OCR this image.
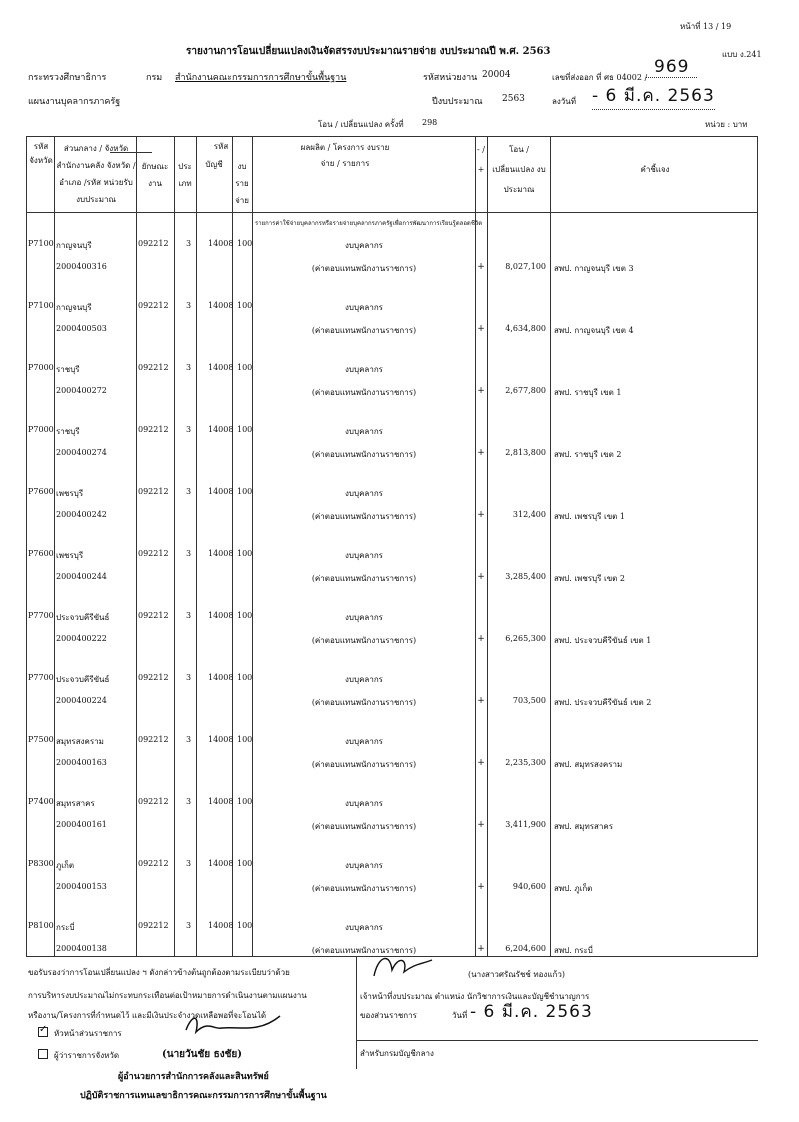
หน้าที่ 13 / 19
รายงานการโอนเปลี่ยนแปลงเงินจัดสรรงบประมาณรายจ่าย งบประมาณปี พ.ศ. 2563	แบบ ง.241
กระทรวงศึกษาธิการ	กรม สำนักงานคณะกรรมการการศึกษาขั้นพื้นฐาน	รหัสหน่วยงาน 20004	เลขที่ส่งออก ที่ ศธ 04002 /
969
แผนงานบุคลากรภาครัฐ	ปีงบประมาณ 2563	ลงวันที่ - 6 มี.ค. 2563
โอน / เปลี่ยนแปลง ครั้งที่ 298	หน่วย : บาท
รหัส จังหวัด
ส่วนกลาง / จังหวัด สำนักงานคลัง จังหวัด / อำเภอ /รหัส หน่วยรับงบประมาณ
รหัส
ยักษณะ งาน
ประ เภท
บัญชี	งบ ราย จ่าย
ผลผลิต / โครงการ งบรายจ่าย / รายการ
- / +
โอน / เปลี่ยนแปลง งบประมาณ
คำชี้แจง
รายการค่าใช้จ่ายบุคลากรหรือรายจ่ายบุคลากรภาครัฐเพื่อการพัฒนาการเรียนรู้ตลอดชีวิต
P7100 กาญจนบุรี
2000400316
092212 3 14008 100	งบบุคลากร
(ค่าตอบแทนพนักงานราชการ)	+	8,027,100 สพป. กาญจนบุรี เขต 3
P7100 กาญจนบุรี
2000400503
092212 3 14008 100	งบบุคลากร
(ค่าตอบแทนพนักงานราชการ)	+	4,634,800 สพป. กาญจนบุรี เขต 4
P7000 ราชบุรี
2000400272
092212 3 14008 100	งบบุคลากร
(ค่าตอบแทนพนักงานราชการ)	+	2,677,800 สพป. ราชบุรี เขต 1
P7000 ราชบุรี
2000400274
092212 3 14008 100	งบบุคลากร
(ค่าตอบแทนพนักงานราชการ)	+	2,813,800 สพป. ราชบุรี เขต 2
P7600 เพชรบุรี
2000400242
092212 3 14008 100	งบบุคลากร
(ค่าตอบแทนพนักงานราชการ)	+	312,400 สพป. เพชรบุรี เขต 1
P7600 เพชรบุรี
2000400244
092212 3 14008 100	งบบุคลากร
(ค่าตอบแทนพนักงานราชการ)	+	3,285,400 สพป. เพชรบุรี เขต 2
P7700 ประจวบคีรีขันธ์
2000400222
092212 3 14008 100	งบบุคลากร
(ค่าตอบแทนพนักงานราชการ)	+	6,265,300 สพป. ประจวบคีรีขันธ์ เขต 1
P7700 ประจวบคีรีขันธ์
2000400224
092212 3 14008 100	งบบุคลากร
(ค่าตอบแทนพนักงานราชการ)	+	703,500 สพป. ประจวบคีรีขันธ์ เขต 2
P7500 สมุทรสงคราม
2000400163
092212 3 14008 100	งบบุคลากร
(ค่าตอบแทนพนักงานราชการ)	+	2,235,300 สพป. สมุทรสงคราม
P7400 สมุทรสาคร
2000400161
092212 3 14008 100	งบบุคลากร
(ค่าตอบแทนพนักงานราชการ)	+	3,411,900 สพป. สมุทรสาคร
P8300 ภูเก็ต
2000400153
092212 3 14008 100	งบบุคลากร
(ค่าตอบแทนพนักงานราชการ)	+	940,600 สพป. ภูเก็ต
P8100 กระบี่
2000400138
092212 3 14008 100	งบบุคลากร
(ค่าตอบแทนพนักงานราชการ)	+	6,204,600 สพป. กระบี่
ขอรับรองว่าการโอนเปลี่ยนแปลง ฯ ดังกล่าวข้างต้นถูกต้องตามระเบียบว่าด้วย
การบริหารงบประมาณไม่กระทบกระเทือนต่อเป้าหมายการดำเนินงานตามแผนงาน
หรืองาน/โครงการที่กำหนดไว้ และมีเงินประจำงวดเหลือพอที่จะโอนได้
✓หัวหน้าส่วนราชการ
ผู้ว่าราชการจังหวัด	(นายวันชัย ธงชัย)
ผู้อำนวยการสำนักการคลังและสินทรัพย์
ปฏิบัติราชการแทนเลขาธิการคณะกรรมการการศึกษาขั้นพื้นฐาน
(นางสาวศรัณรัชช์ ทองแก้ว)
เจ้าหน้าที่งบประมาณ ตำแหน่ง นักวิชาการเงินและบัญชีชำนาญการ
ของส่วนราชการ	วันที่ - 6 มี.ค. 2563
สำหรับกรมบัญชีกลาง
